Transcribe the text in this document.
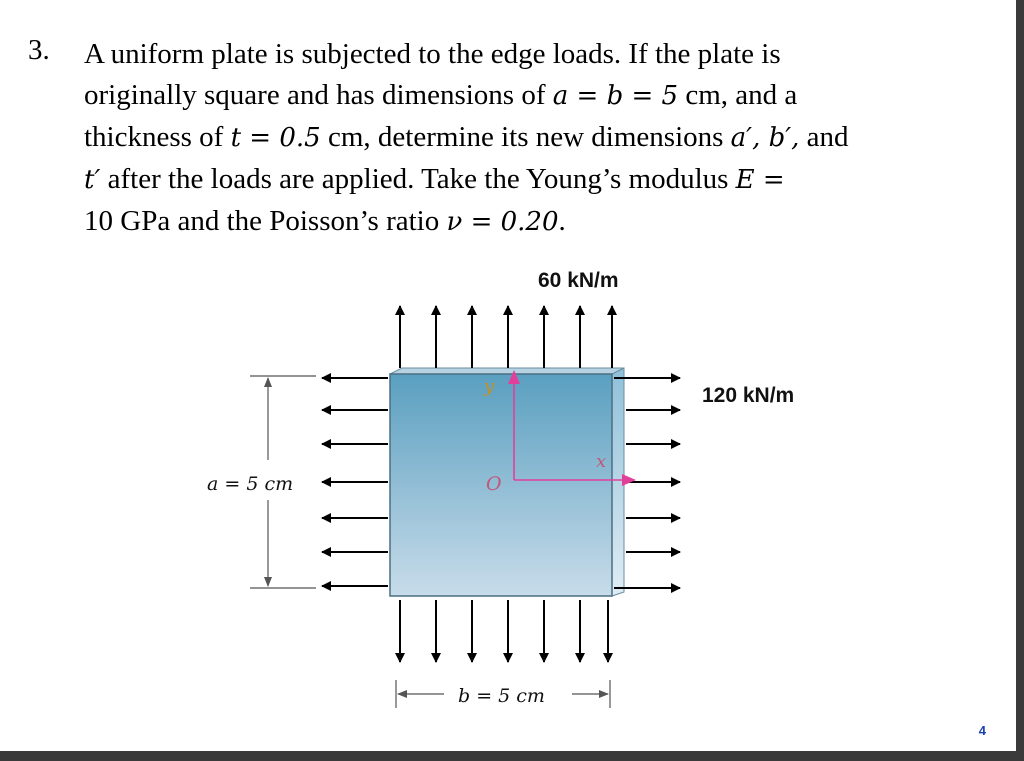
3. A uniform plate is subjected to the edge loads. If the plate is

originally square and has dimensions of a = b = 5 cm, and a

thickness of t = 0.5 cm, determine its new dimensions a′, b′, and

t′ after the loads are applied. Take the Young’s modulus E =

10 GPa and the Poisson’s ratio ν = 0.20.

60 kN/m
120 kN/m
a = 5 cm
b = 5 cm
y
x
O
4
